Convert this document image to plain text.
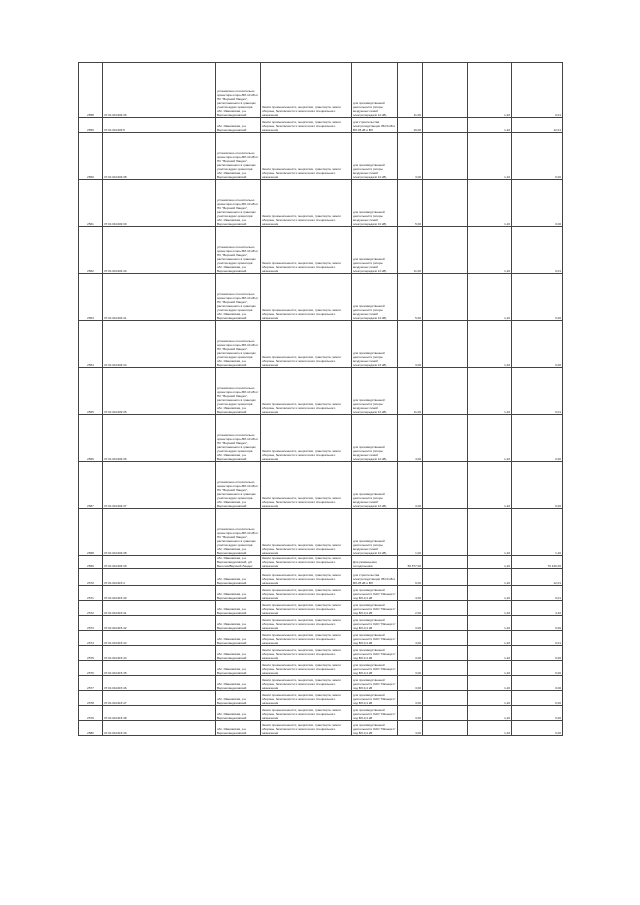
2558	37:01:010403:36	установлено относительно ориентира опоры ВЛ-10 кВ от ПС "Верхний Ландех", расположенного в границах участка адрес ориентира: обл. Ивановская, р-н Верхнеландеховский	Земли промышленности, энергетики, транспорта, земли обороны, безопасности и земли иного специального назначения	для производственной деятельности (опоры воздушных линий электропередачи 10 кВ)	11,00		1,20	0,01
2559	37:01:010403:5	обл. Ивановская, р-н Верхнеландеховский	Земли промышленности, энергетики, транспорта, земли обороны, безопасности и земли иного специального назначения	для строительства электроподстанции 35/10 кВ и ВЛ-35 кВ и ВЛ	19,00		1,20	12,01
2560	37:01:010403:38	установлено относительно ориентира опоры ВЛ-10 кВ от ПС "Верхний Ландех", расположенного в границах участка адрес ориентира: обл. Ивановская, р-н Верхнеландеховский	Земли промышленности, энергетики, транспорта, земли обороны, безопасности и земли иного специального назначения	для производственной деятельности (опоры воздушных линий электропередачи 10 кВ)	3,00		1,20	0,00
2561	37:01:010403:39	установлено относительно ориентира опоры ВЛ-10 кВ от ПС "Верхний Ландех", расположенного в границах участка адрес ориентира: обл. Ивановская, р-н Верхнеландеховский	Земли промышленности, энергетики, транспорта, земли обороны, безопасности и земли иного специального назначения	для производственной деятельности (опоры воздушных линий электропередачи 10 кВ)	5,00		1,20	0,00
2562	37:01:010403:40	установлено относительно ориентира опоры ВЛ-10 кВ от ПС "Верхний Ландех", расположенного в границах участка адрес ориентира: обл. Ивановская, р-н Верхнеландеховский	Земли промышленности, энергетики, транспорта, земли обороны, безопасности и земли иного специального назначения	для производственной деятельности (опоры воздушных линий электропередачи 10 кВ)	11,00		1,20	0,01
2563	37:01:010403:41	установлено относительно ориентира опоры ВЛ-10 кВ от ПС "Верхний Ландех", расположенного в границах участка адрес ориентира: обл. Ивановская, р-н Верхнеландеховский	Земли промышленности, энергетики, транспорта, земли обороны, безопасности и земли иного специального назначения	для производственной деятельности (опоры воздушных линий электропередачи 10 кВ)	5,00		1,20	0,00
2564	37:01:010403:34	установлено относительно ориентира опоры ВЛ-10 кВ от ПС "Верхний Ландех", расположенного в границах участка адрес ориентира: обл. Ивановская, р-н Верхнеландеховский	Земли промышленности, энергетики, транспорта, земли обороны, безопасности и земли иного специального назначения	для производственной деятельности (опоры воздушных линий электропередачи 10 кВ)	3,00		1,20	0,00
2565	37:01:010403:35	установлено относительно ориентира опоры ВЛ-10 кВ от ПС "Верхний Ландех", расположенного в границах участка адрес ориентира: обл. Ивановская, р-н Верхнеландеховский	Земли промышленности, энергетики, транспорта, земли обороны, безопасности и земли иного специального назначения	для производственной деятельности (опоры воздушных линий электропередачи 10 кВ)	11,00		1,20	0,01
2566	37:01:010403:36	установлено относительно ориентира опоры ВЛ-10 кВ от ПС "Верхний Ландех", расположенного в границах участка адрес ориентира: обл. Ивановская, р-н Верхнеландеховский	Земли промышленности, энергетики, транспорта, земли обороны, безопасности и земли иного специального назначения	для производственной деятельности (опоры воздушных линий электропередачи 10 кВ)	4,00		1,20	0,00
2567	37:01:010403:37	установлено относительно ориентира опоры ВЛ-10 кВ от ПС "Верхний Ландех", расположенного в границах участка адрес ориентира: обл. Ивановская, р-н Верхнеландеховский	Земли промышленности, энергетики, транспорта, земли обороны, безопасности и земли иного специального назначения	для производственной деятельности (опоры воздушных линий электропередачи 10 кВ)	3,00		1,20	0,00
2568	37:01:010403:38	установлено относительно ориентира опоры ВЛ-10 кВ от ПС "Верхний Ландех", расположенного в границах участка адрес ориентира: обл. Ивановская, р-н Верхнеландеховский	Земли промышленности, энергетики, транспорта, земли обороны, безопасности и земли иного специального назначения	для производственной деятельности (опоры воздушных линий электропередачи 10 кВ)	1,00		1,20	1,20
2569	37:01:010403:39	обл. Ивановская, р-н Верхнеландеховский, д/п Выголов/Верхний Ландех	Земли промышленности, энергетики, транспорта, земли обороны, безопасности и земли иного специального назначения	Для размещения холодильника	59 577,00		1,20	70 426,00
2570	37:01:010415:4	обл. Ивановская, р-н Верхнеландеховский	Земли промышленности, энергетики, транспорта, земли обороны, безопасности и земли иного специального назначения	для строительства электроподстанции 35/10 кВ и ВЛ-35 кВ и ВЛ	9,00		1,20	12,01
2571	37:01:010415:40	обл. Ивановская, р-н Верхнеландеховский	Земли промышленности, энергетики, транспорта, земли обороны, безопасности и земли иного специального назначения	для производственной деятельности ОАО "Ивэнерго" под ВЛ-0,4 кВ	4,00		1,20	0,01
2572	37:01:010415:41	обл. Ивановская, р-н Верхнеландеховский	Земли промышленности, энергетики, транспорта, земли обороны, безопасности и земли иного специального назначения	для производственной деятельности ОАО "Ивэнерго" под ВЛ-0,4 кВ	2,00		1,20	4,40
2573	37:01:010415:42	обл. Ивановская, р-н Верхнеландеховский	Земли промышленности, энергетики, транспорта, земли обороны, безопасности и земли иного специального назначения	для производственной деятельности ОАО "Ивэнерго" под ВЛ-0,4 кВ	3,00		1,20	0,00
2574	37:01:010415:43	обл. Ивановская, р-н Верхнеландеховский	Земли промышленности, энергетики, транспорта, земли обороны, безопасности и земли иного специального назначения	для производственной деятельности ОАО "Ивэнерго" под ВЛ-0,4 кВ	4,00		1,20	0,01
2575	37:01:010415:44	обл. Ивановская, р-н Верхнеландеховский	Земли промышленности, энергетики, транспорта, земли обороны, безопасности и земли иного специального назначения	для производственной деятельности ОАО "Ивэнерго" под ВЛ-0,4 кВ	3,00		1,20	0,00
2576	37:01:010415:45	обл. Ивановская, р-н Верхнеландеховский	Земли промышленности, энергетики, транспорта, земли обороны, безопасности и земли иного специального назначения	для производственной деятельности ОАО "Ивэнерго" под ВЛ-0,4 кВ	3,00		1,20	0,00
2577	37:01:010415:46	обл. Ивановская, р-н Верхнеландеховский	Земли промышленности, энергетики, транспорта, земли обороны, безопасности и земли иного специального назначения	для производственной деятельности ОАО "Ивэнерго" под ВЛ-0,4 кВ	3,00		1,20	0,00
2578	37:01:010415:47	обл. Ивановская, р-н Верхнеландеховский	Земли промышленности, энергетики, транспорта, земли обороны, безопасности и земли иного специального назначения	для производственной деятельности ОАО "Ивэнерго" под ВЛ-0,4 кВ	3,00		1,20	0,00
2579	37:01:010415:48	обл. Ивановская, р-н Верхнеландеховский	Земли промышленности, энергетики, транспорта, земли обороны, безопасности и земли иного специального назначения	для производственной деятельности ОАО "Ивэнерго" под ВЛ-0,4 кВ	3,00		1,20	0,00
2580	37:01:010415:49	обл. Ивановская, р-н Верхнеландеховский	Земли промышленности, энергетики, транспорта, земли обороны, безопасности и земли иного специального назначения	для производственной деятельности ОАО "Ивэнерго" под ВЛ-0,4 кВ	4,00		1,20	0,00
